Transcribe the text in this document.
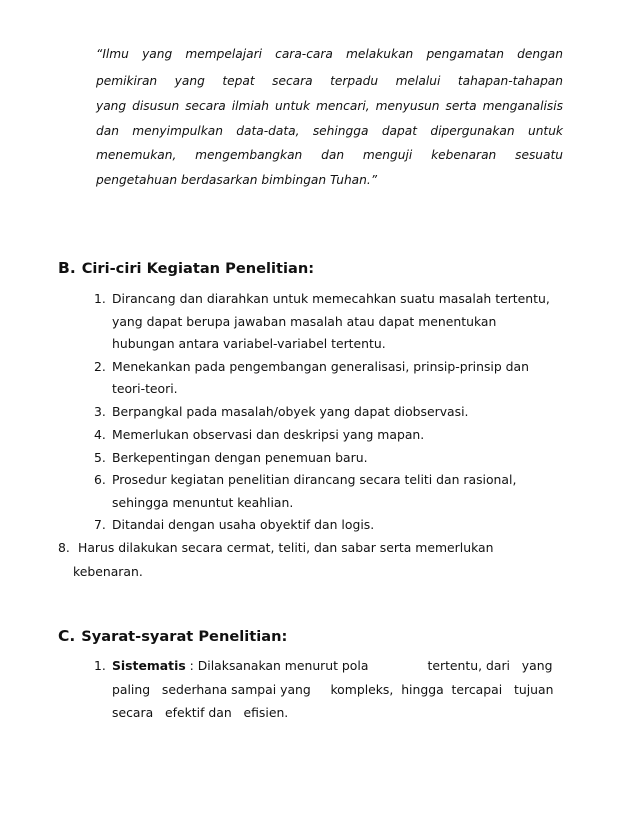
“Ilmu yang mempelajari cara-cara melakukan pengamatan dengan
pemikiran yang tepat secara terpadu melalui tahapan-tahapan
yang disusun secara ilmiah untuk mencari, menyusun serta menganalisis
dan menyimpulkan data-data, sehingga dapat dipergunakan untuk
menemukan, mengembangkan dan menguji kebenaran sesuatu
pengetahuan berdasarkan bimbingan Tuhan.”
B. Ciri-ciri Kegiatan Penelitian:
1. Dirancang dan diarahkan untuk memecahkan suatu masalah tertentu,
yang dapat berupa jawaban masalah atau dapat menentukan
hubungan antara variabel-variabel tertentu.
2. Menekankan pada pengembangan generalisasi, prinsip-prinsip dan
teori-teori.
3. Berpangkal pada masalah/obyek yang dapat diobservasi.
4. Memerlukan observasi dan deskripsi yang mapan.
5. Berkepentingan dengan penemuan baru.
6. Prosedur kegiatan penelitian dirancang secara teliti dan rasional,
sehingga menuntut keahlian.
7. Ditandai dengan usaha obyektif dan logis.
8. Harus dilakukan secara cermat, teliti, dan sabar serta memerlukan
kebenaran.
C. Syarat-syarat Penelitian:
1. Sistematis : Dilaksanakan menurut pola               tertentu, dari   yang
paling   sederhana sampai yang     kompleks,  hingga  tercapai   tujuan
secara   efektif dan   efisien.
